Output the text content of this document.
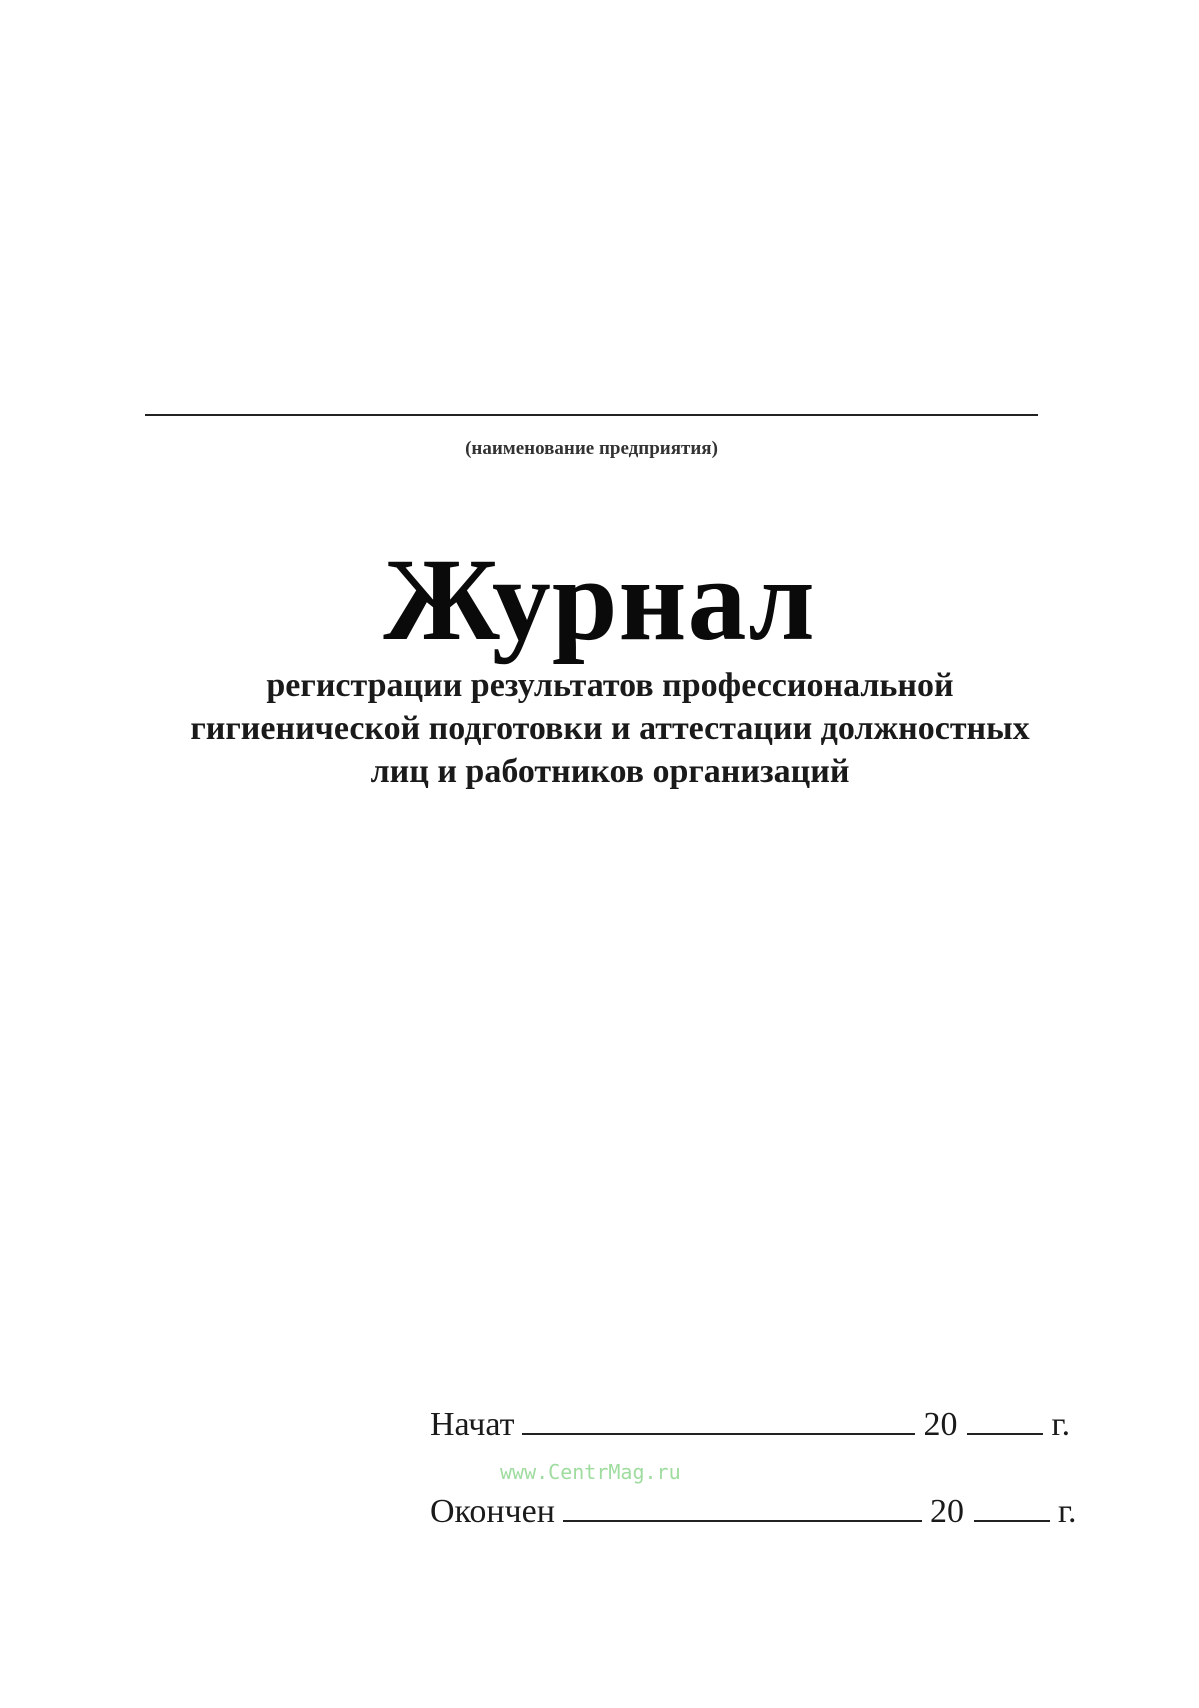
(наименование предприятия)
Журнал
регистрации результатов профессиональной
гигиенической подготовки и аттестации должностных
лиц и работников организаций
Начат	20	г.
www.CentrMag.ru
Окончен	20	г.
